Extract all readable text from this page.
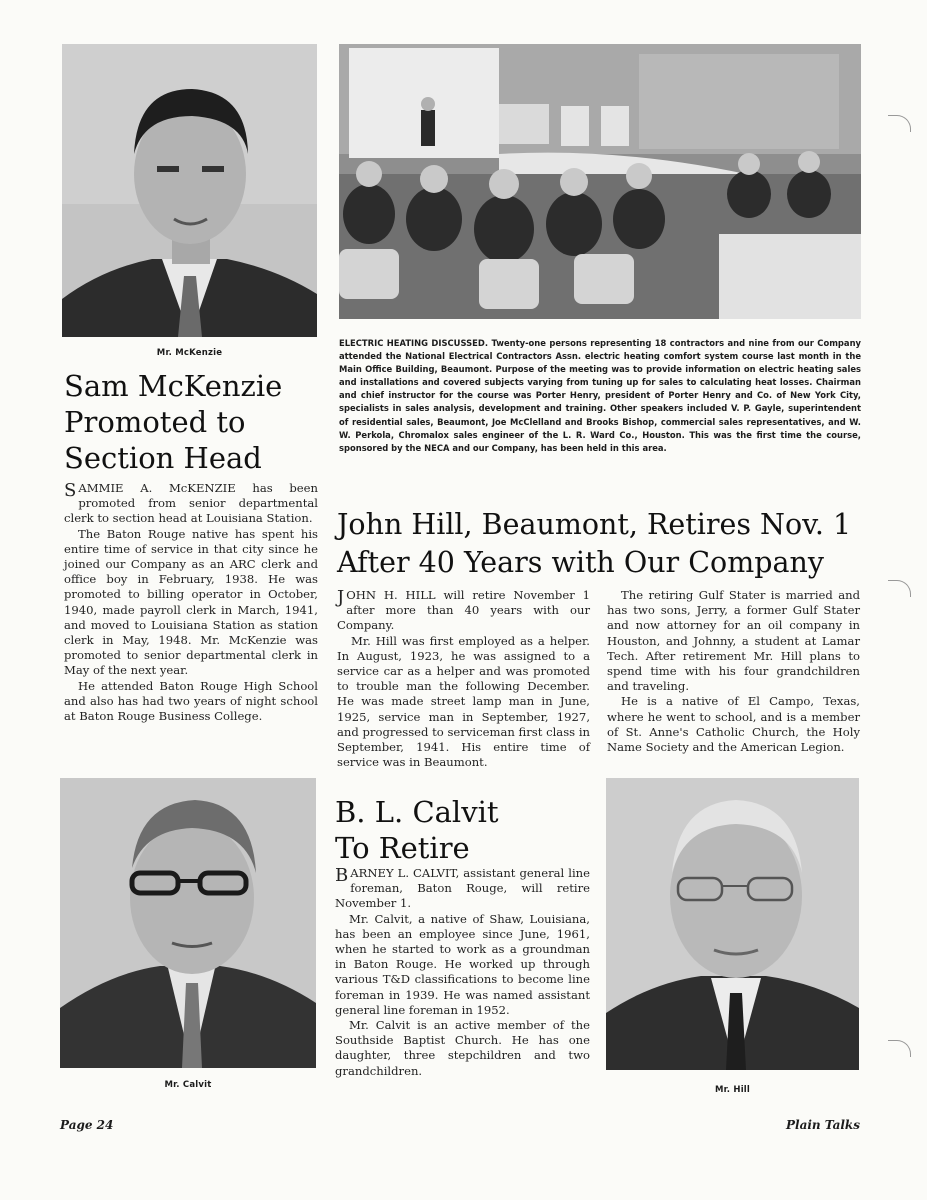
Mr. McKenzie
Sam McKenzie
Promoted to
Section Head

SAMMIE A. McKENZIE has been promoted from senior departmental clerk to section head at Louisiana Station.

The Baton Rouge native has spent his entire time of service in that city since he joined our Company as an ARC clerk and office boy in February, 1938. He was promoted to billing operator in October, 1940, made payroll clerk in March, 1941, and moved to Louisiana Station as station clerk in May, 1948. Mr. McKenzie was promoted to senior departmental clerk in May of the next year.

He attended Baton Rouge High School and also has had two years of night school at Baton Rouge Business College.

ELECTRIC HEATING DISCUSSED. Twenty-one persons representing 18 contractors and nine from our Company attended the National Electrical Contractors Assn. electric heating comfort system course last month in the Main Office Building, Beaumont. Purpose of the meeting was to provide information on electric heating sales and installations and covered subjects varying from tuning up for sales to calculating heat losses. Chairman and chief instructor for the course was Porter Henry, president of Porter Henry and Co. of New York City, specialists in sales analysis, development and training. Other speakers included V. P. Gayle, superintendent of residential sales, Beaumont, Joe McClelland and Brooks Bishop, commercial sales representatives, and W. W. Perkola, Chromalox sales engineer of the L. R. Ward Co., Houston. This was the first time the course, sponsored by the NECA and our Company, has been held in this area.
John Hill, Beaumont, Retires Nov. 1
After 40 Years with Our Company

JOHN H. HILL will retire November 1 after more than 40 years with our Company.

Mr. Hill was first employed as a helper. In August, 1923, he was assigned to a service car as a helper and was promoted to trouble man the following December. He was made street lamp man in June, 1925, service man in September, 1927, and progressed to serviceman first class in September, 1941. His entire time of service was in Beaumont.

The retiring Gulf Stater is married and has two sons, Jerry, a former Gulf Stater and now attorney for an oil company in Houston, and Johnny, a student at Lamar Tech. After retirement Mr. Hill plans to spend time with his four grandchildren and traveling.

He is a native of El Campo, Texas, where he went to school, and is a member of St. Anne's Catholic Church, the Holy Name Society and the American Legion.

Mr. Calvit
B. L. Calvit
To Retire

BARNEY L. CALVIT, assistant general line foreman, Baton Rouge, will retire November 1.

Mr. Calvit, a native of Shaw, Louisiana, has been an employee since June, 1961, when he started to work as a groundman in Baton Rouge. He worked up through various T&D classifications to become line foreman in 1939. He was named assistant general line foreman in 1952.

Mr. Calvit is an active member of the Southside Baptist Church. He has one daughter, three stepchildren and two grandchildren.

Mr. Hill
Page 24	Plain Talks
